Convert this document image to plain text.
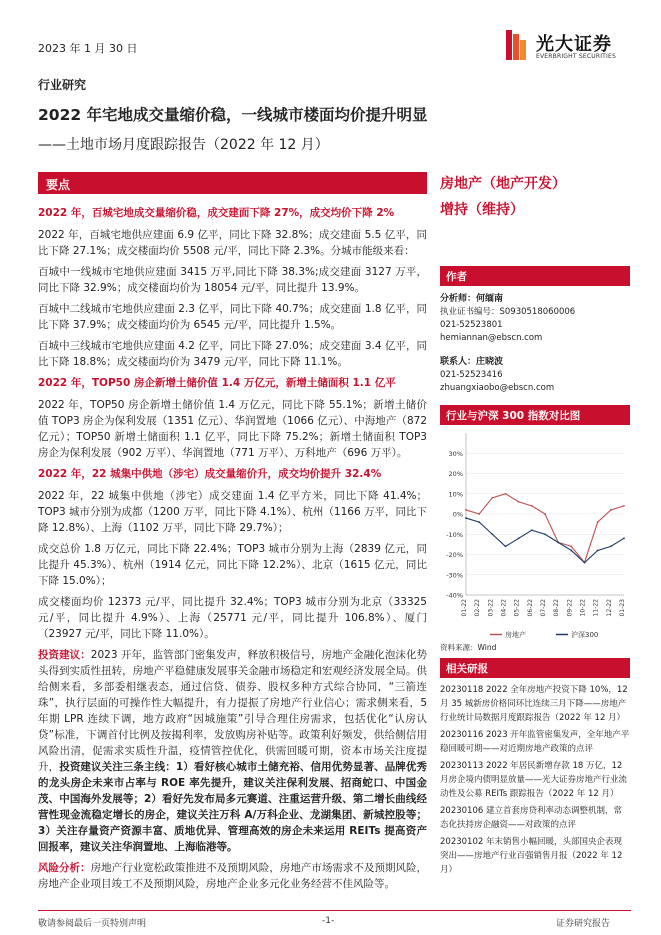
2023 年 1 月 30 日	光大证券
EVERBRIGHT SECURITIES
行业研究
2022 年宅地成交量缩价稳，一线城市楼面均价提升明显
——土地市场月度跟踪报告（2022 年 12 月）
要点
2022 年，百城宅地成交量缩价稳，成交建面下降 27%，成交均价下降 2%

2022 年，百城宅地供应建面 6.9 亿平，同比下降 32.8%；成交建面 5.5 亿平，同比下降 27.1%；成交楼面均价 5508 元/平，同比下降 2.3%。分城市能级来看：

百城中一线城市宅地供应建面 3415 万平,同比下降 38.3%;成交建面 3127 万平，同比下降 32.9%；成交楼面均价为 18054 元/平，同比提升 13.9%。

百城中二线城市宅地供应建面 2.3 亿平，同比下降 40.7%；成交建面 1.8 亿平，同比下降 37.9%；成交楼面均价为 6545 元/平，同比提升 1.5%。

百城中三线城市宅地供应建面 4.2 亿平，同比下降 27.0%；成交建面 3.4 亿平，同比下降 18.8%；成交楼面均价为 3479 元/平，同比下降 11.1%。

2022 年，TOP50 房企新增土储价值 1.4 万亿元，新增土储面积 1.1 亿平

2022 年，TOP50 房企新增土储价值 1.4 万亿元，同比下降 55.1%；新增土储价值 TOP3 房企为保利发展（1351 亿元）、华润置地（1066 亿元）、中海地产（872 亿元）；TOP50 新增土储面积 1.1 亿平，同比下降 75.2%；新增土储面积 TOP3 房企为保利发展（902 万平）、华润置地（771 万平）、万科地产（696 万平）。

2022 年，22 城集中供地（涉宅）成交量缩价升，成交均价提升 32.4%

2022 年，22 城集中供地（涉宅）成交建面 1.4 亿平方米，同比下降 41.4%；TOP3 城市分别为成都（1200 万平，同比下降 4.1%）、杭州（1166 万平，同比下降 12.8%）、上海（1102 万平，同比下降 29.7%）；

成交总价 1.8 万亿元，同比下降 22.4%；TOP3 城市分别为上海（2839 亿元，同比提升 45.3%）、杭州（1914 亿元，同比下降 12.2%）、北京（1615 亿元，同比下降 15.0%）；

成交楼面均价 12373 元/平，同比提升 32.4%；TOP3 城市分别为北京（33325 元/平，同比提升 4.9%）、上海（25771 元/平，同比提升 106.8%）、厦门（23927 元/平，同比下降 11.0%）。

投资建议：2023 开年，监管部门密集发声，释放积极信号，房地产金融化泡沫化势头得到实质性扭转，房地产平稳健康发展事关金融市场稳定和宏观经济发展全局。供给侧来看，多部委相继表态，通过信贷、债券、股权多种方式综合协同，“三箭连珠”，执行层面的可操作性大幅提升，有力提振了房地产行业信心；需求侧来看，5 年期 LPR 连续下调，地方政府“因城施策”引导合理住房需求，包括优化“认房认贷”标准，下调首付比例及按揭利率，发放购房补贴等。政策利好频发，供给侧信用风险出清，促需求实质性升温，疫情管控优化，供需回暖可期，资本市场关注度提升，投资建议关注三条主线：1）看好核心城市土储充裕、信用优势显著、品牌优秀的龙头房企未来市占率与 ROE 率先提升，建议关注保利发展、招商蛇口、中国金茂、中国海外发展等；2）看好先发布局多元赛道、注重运营升级、第二增长曲线经营性现金流稳定增长的房企，建议关注万科 A/万科企业、龙湖集团、新城控股等；3）关注存量资产资源丰富、质地优异、管理高效的房企未来运用 REITs 提高资产回报率，建议关注华润置地、上海临港等。

风险分析：房地产行业宽松政策推进不及预期风险，房地产市场需求不及预期风险，房地产企业项目竣工不及预期风险，房地产企业多元化业务经营不佳风险等。

房地产（地产开发）
增持（维持）
作者
分析师：何缅南
执业证书编号：S0930518060006
021-52523801
hemiannan@ebscn.com
联系人：庄晓波
021-52523416
zhuangxiaobo@ebscn.com
行业与沪深 300 指数对比图
-40%
-30%
-20%
-10%
0%
10%
20%
30%
01-22 02-22 03-22 04-22 05-22 06-22 07-22 08-22 09-22 10-22 11-22 12-22 01-23
房地产	沪深300
资料来源：Wind
相关研报
20230118 2022 全年房地产投资下降 10%，12 月 35 城新房价格同环比连续三月下降——房地产行业统计局数据月度跟踪报告（2022 年 12 月）
20230116 2023 开年监管密集发声，全年地产平稳回暖可期——对近期房地产政策的点评
20230113 2022 年居民新增存款 18 万亿，12 月房企境内债明显放量——光大证券房地产行业流动性及公募 REITs 跟踪报告（2022 年 12 月）
20230106 建立首套房贷利率动态调整机制，常态化扶持房企融资——对政策的点评
20230102 年末销售小幅回暖，头部国央企表现突出——房地产行业百强销售月报（2022 年 12 月）
敬请参阅最后一页特别声明	-1-	证券研究报告
